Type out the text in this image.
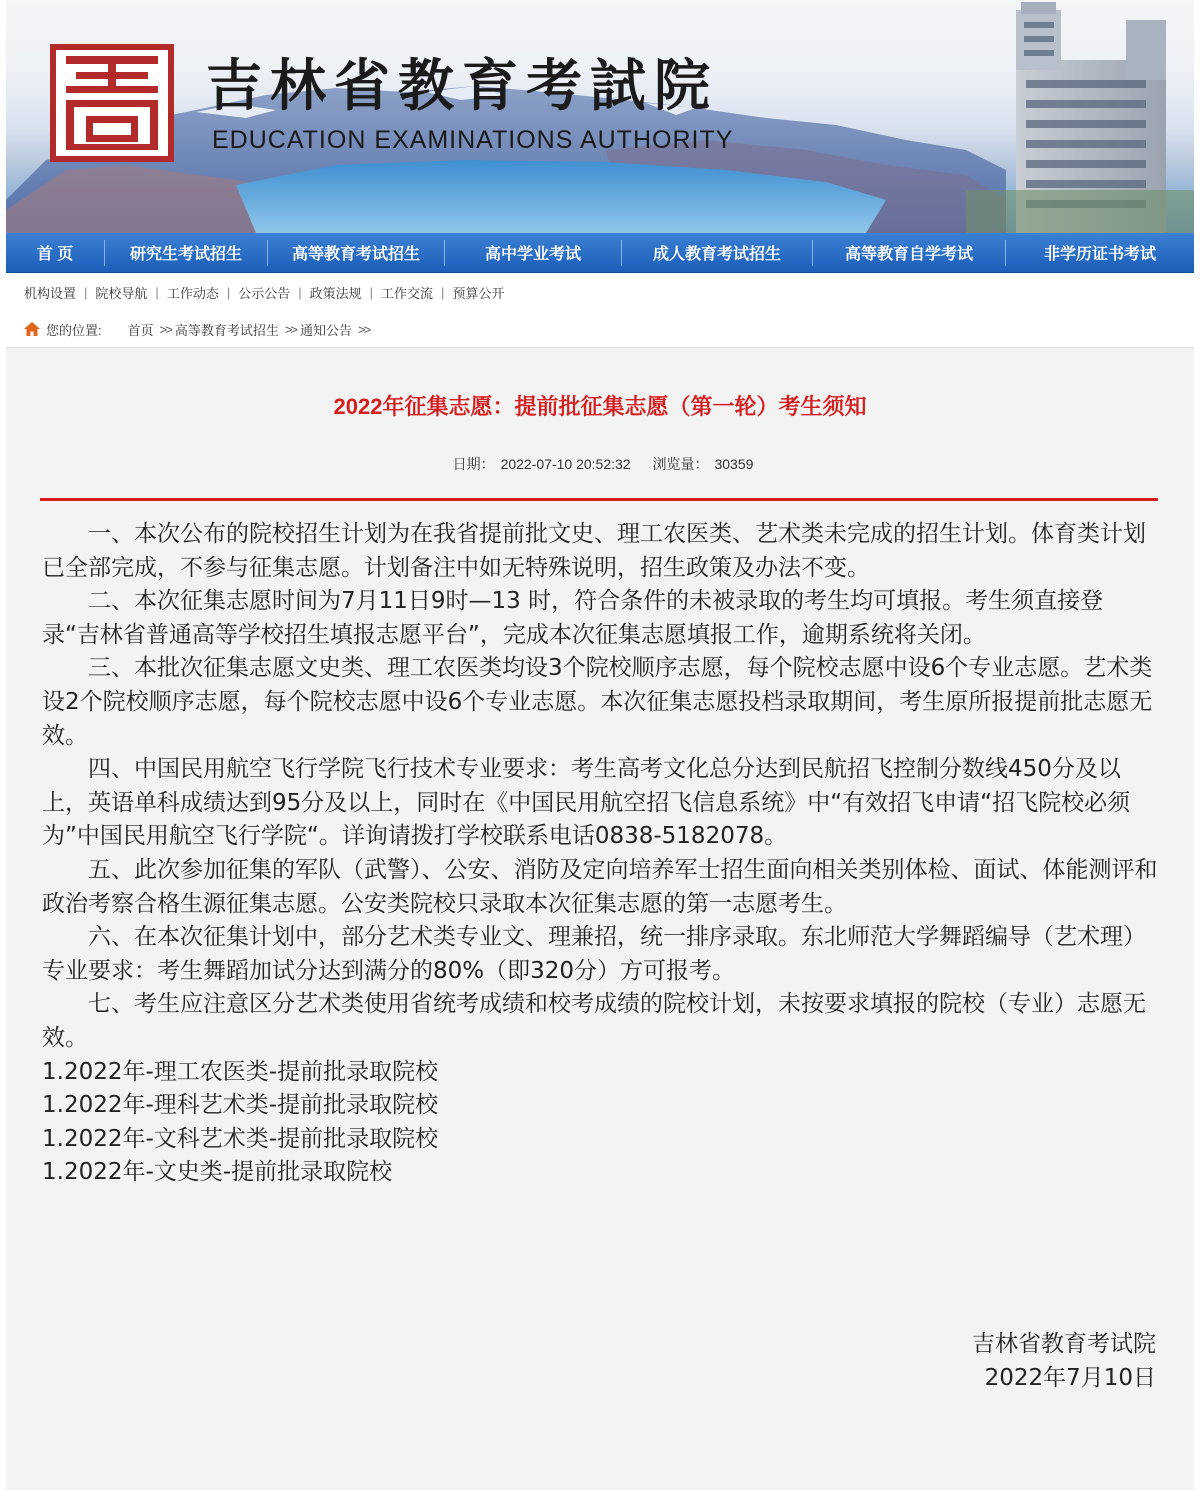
吉林省教育考試院
EDUCATION EXAMINATIONS AUTHORITY
首 页	研究生考试招生	高等教育考试招生	高中学业考试	成人教育考试招生	高等教育自学考试	非学历证书考试
机构设置 | 院校导航 | 工作动态 | 公示公告 | 政策法规 | 工作交流 | 预算公开
您的位置: 首页 >> 高等教育考试招生 >> 通知公告 >>
2022年征集志愿：提前批征集志愿（第一轮）考生须知
日期： 2022-07-10 20:52:32 浏览量： 30359

一、本次公布的院校招生计划为在我省提前批文史、理工农医类、艺术类未完成的招生计划。体育类计划已全部完成，不参与征集志愿。计划备注中如无特殊说明，招生政策及办法不变。

二、本次征集志愿时间为7月11日9时—13 时，符合条件的未被录取的考生均可填报。考生须直接登录“吉林省普通高等学校招生填报志愿平台”，完成本次征集志愿填报工作，逾期系统将关闭。

三、本批次征集志愿文史类、理工农医类均设3个院校顺序志愿，每个院校志愿中设6个专业志愿。艺术类设2个院校顺序志愿，每个院校志愿中设6个专业志愿。本次征集志愿投档录取期间，考生原所报提前批志愿无效。

四、中国民用航空飞行学院飞行技术专业要求：考生高考文化总分达到民航招飞控制分数线450分及以上，英语单科成绩达到95分及以上，同时在《中国民用航空招飞信息系统》中“有效招飞申请“招飞院校必须为”中国民用航空飞行学院“。详询请拨打学校联系电话0838-5182078。

五、此次参加征集的军队（武警）、公安、消防及定向培养军士招生面向相关类别体检、面试、体能测评和政治考察合格生源征集志愿。公安类院校只录取本次征集志愿的第一志愿考生。

六、在本次征集计划中，部分艺术类专业文、理兼招，统一排序录取。东北师范大学舞蹈编导（艺术理）专业要求：考生舞蹈加试分达到满分的80%（即320分）方可报考。

七、考生应注意区分艺术类使用省统考成绩和校考成绩的院校计划，未按要求填报的院校（专业）志愿无效。

1.2022年-理工农医类-提前批录取院校

1.2022年-理科艺术类-提前批录取院校

1.2022年-文科艺术类-提前批录取院校

1.2022年-文史类-提前批录取院校

吉林省教育考试院
2022年7月10日
